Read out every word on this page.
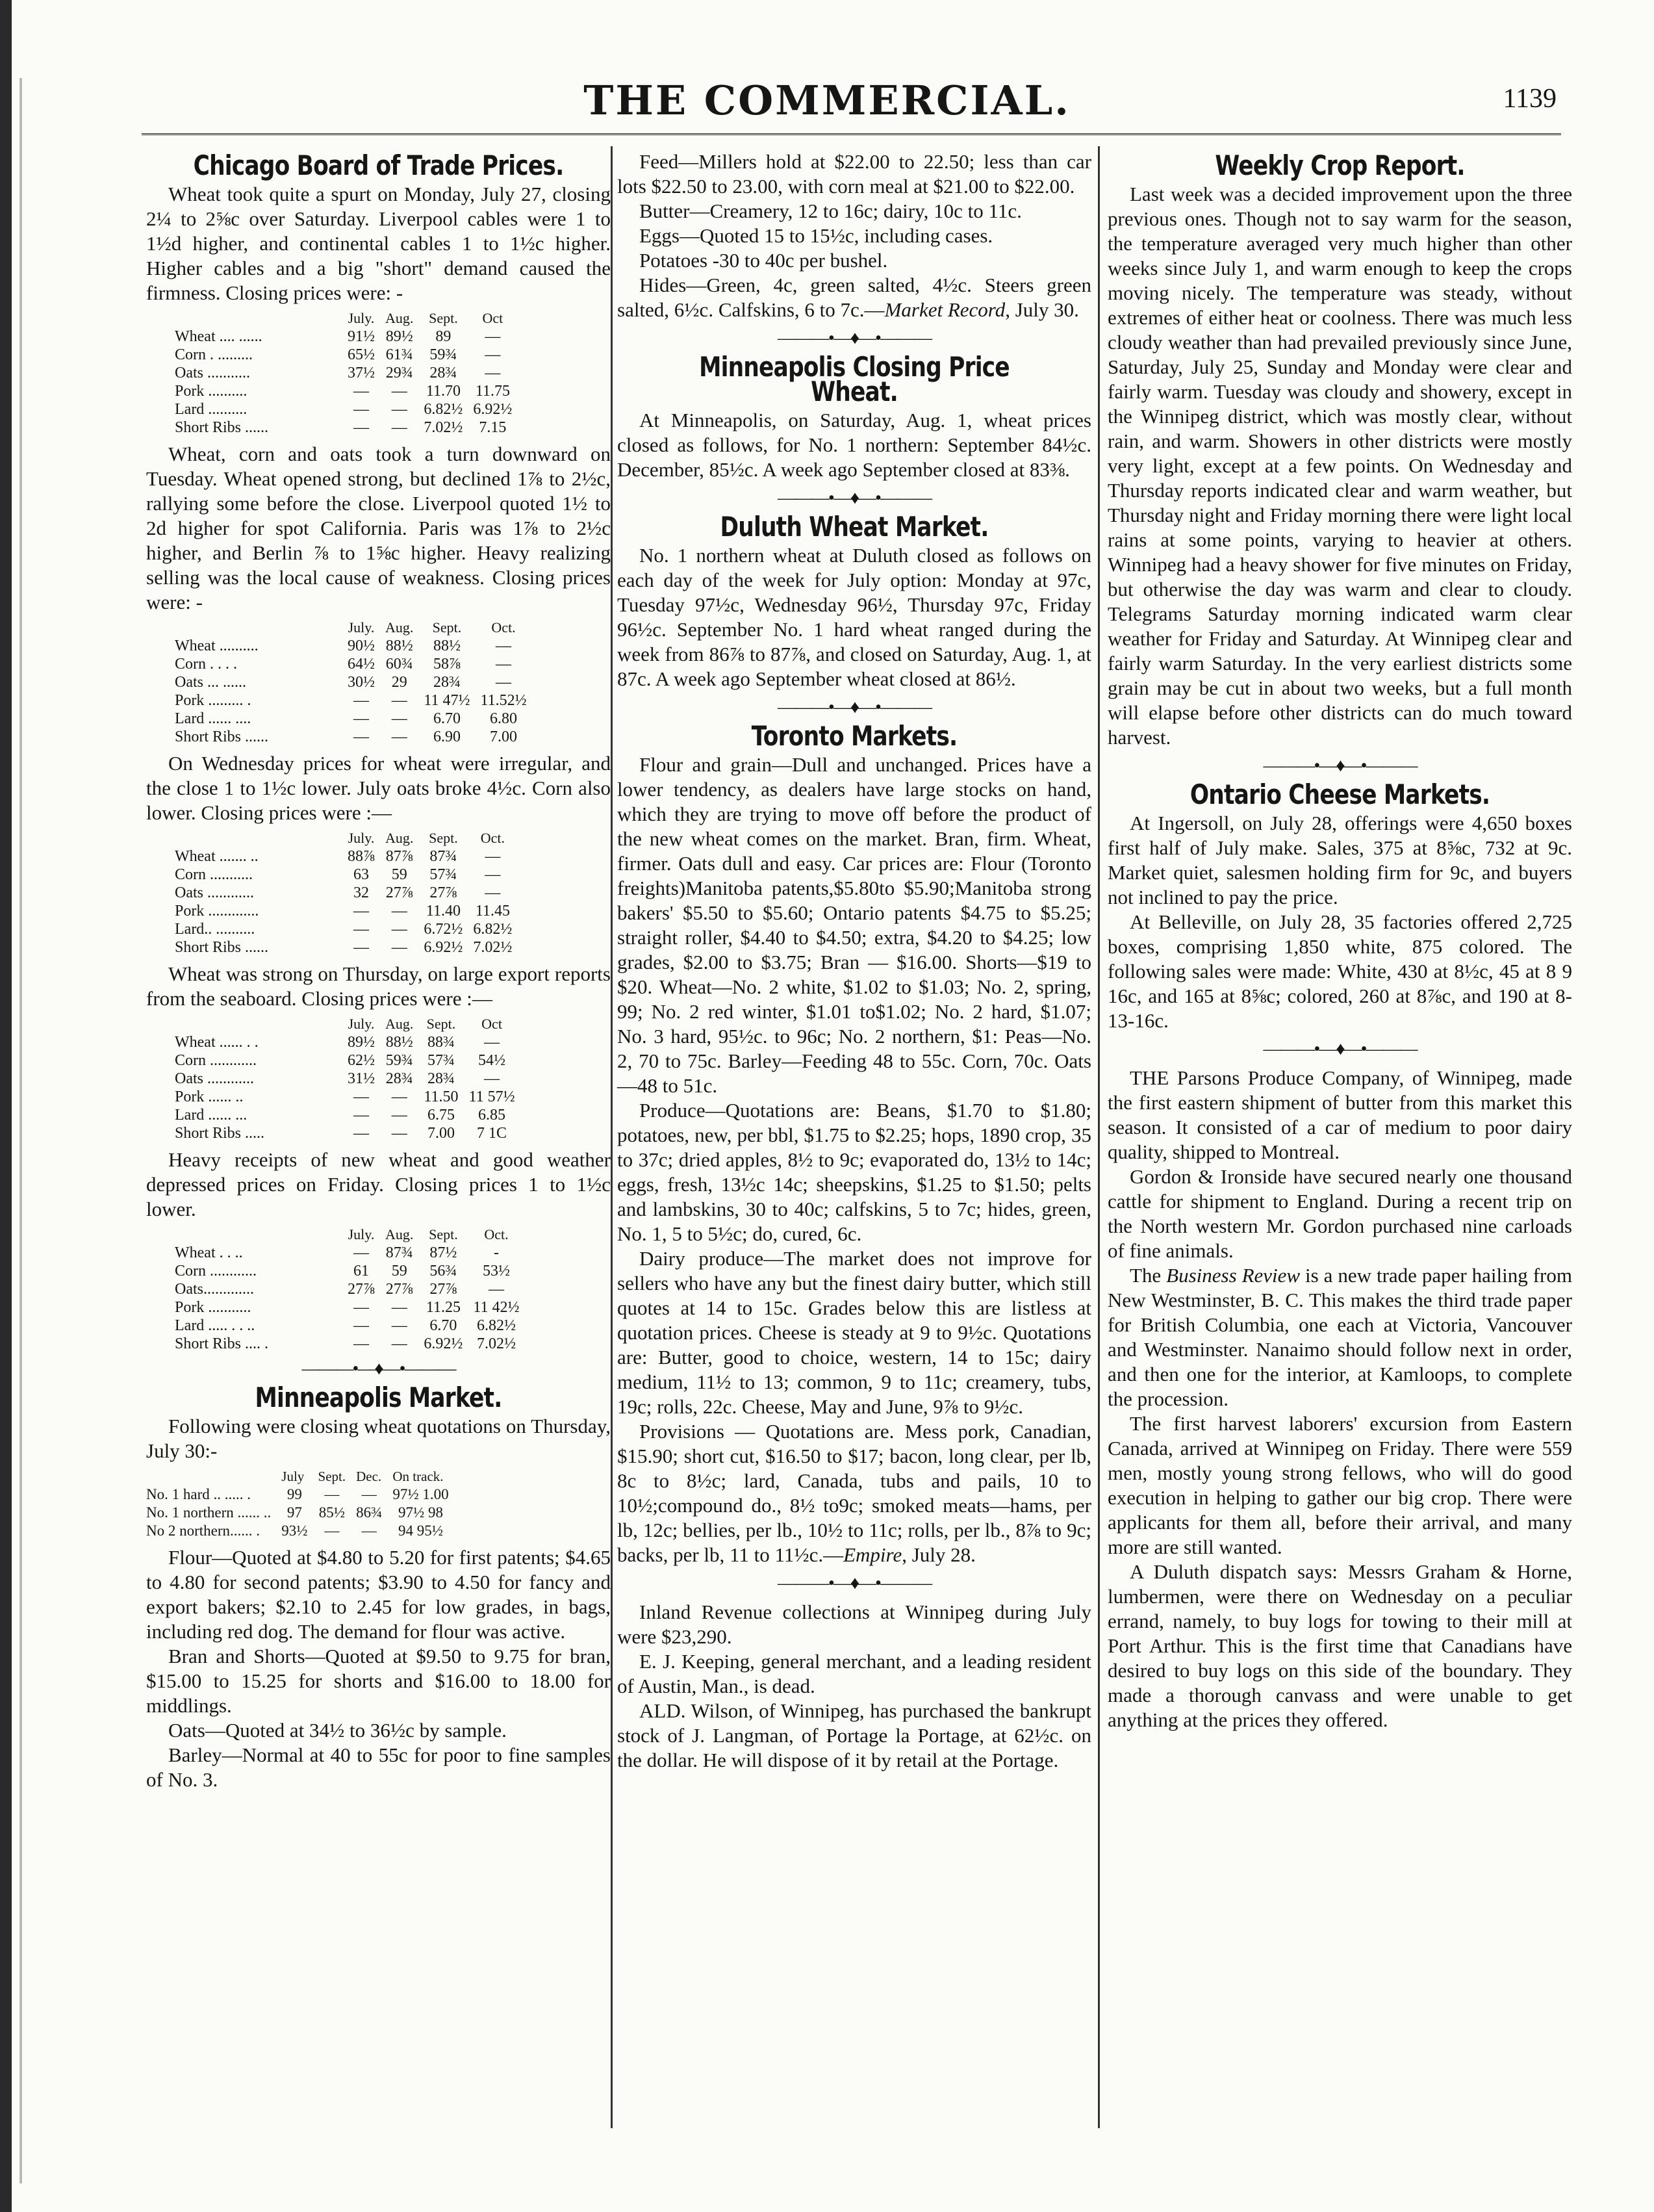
THE COMMERCIAL.	1139
Chicago Board of Trade Prices.

Wheat took quite a spurt on Monday, July 27, closing 2¼ to 2⅝c over Saturday. Liverpool cables were 1 to 1½d higher, and continental cables 1 to 1½c higher. Higher cables and a big "short" demand caused the firmness. Closing prices were: -

	July.	Aug.	Sept.	Oct
Wheat .... ......	91½	89½	89	—
Corn . .........	65½	61¾	59¾	—
Oats ...........	37½	29¾	28¾	—
Pork ..........	—	—	11.70	11.75
Lard ..........	—	—	6.82½	6.92½
Short Ribs ......	—	—	7.02½	7.15

Wheat, corn and oats took a turn downward on Tuesday. Wheat opened strong, but declined 1⅞ to 2½c, rallying some before the close. Liverpool quoted 1½ to 2d higher for spot California. Paris was 1⅞ to 2½c higher, and Berlin ⅞ to 1⅝c higher. Heavy realizing selling was the local cause of weakness. Closing prices were: -

	July.	Aug.	Sept.	Oct.
Wheat ..........	90½	88½	88½	—
Corn . . . .	64½	60¾	58⅞	—
Oats ... ......	30½	29	28¾	—
Pork ......... .	—	—	11 47½	11.52½
Lard ...... ....	—	—	6.70	6.80
Short Ribs ......	—	—	6.90	7.00

On Wednesday prices for wheat were irregular, and the close 1 to 1½c lower. July oats broke 4½c. Corn also lower. Closing prices were :—

	July.	Aug.	Sept.	Oct.
Wheat ....... ..	88⅞	87⅞	87¾	—
Corn ...........	63	59	57¾	—
Oats ............	32	27⅞	27⅞	—
Pork .............	—	—	11.40	11.45
Lard.. ..........	—	—	6.72½	6.82½
Short Ribs ......	—	—	6.92½	7.02½

Wheat was strong on Thursday, on large export reports from the seaboard. Closing prices were :—

	July.	Aug.	Sept.	Oct
Wheat ...... . .	89½	88½	88¾	—
Corn ............	62½	59¾	57¾	54½
Oats ............	31½	28¾	28¾	—
Pork ...... ..	—	—	11.50	11 57½
Lard ...... ...	—	—	6.75	6.85
Short Ribs .....	—	—	7.00	7 1C

Heavy receipts of new wheat and good weather depressed prices on Friday. Closing prices 1 to 1½c lower.

	July.	Aug.	Sept.	Oct.
Wheat . . ..	—	87¾	87½	-
Corn ............	61	59	56¾	53½
Oats.............	27⅞	27⅞	27⅞	—
Pork ...........	—	—	11.25	11 42½
Lard ..... . . ..	—	—	6.70	6.82½
Short Ribs .... .	—	—	6.92½	7.02½
———•—♦—•———
Minneapolis Market.

Following were closing wheat quotations on Thursday, July 30:-

	July	Sept.	Dec.	On track.
No. 1 hard .. ..... .	99	—	—	97½ 1.00
No. 1 northern ...... ..	97	85½	86¾	97½ 98
No 2 northern...... .	93½	—	—	94 95½

Flour—Quoted at $4.80 to 5.20 for first patents; $4.65 to 4.80 for second patents; $3.90 to 4.50 for fancy and export bakers; $2.10 to 2.45 for low grades, in bags, including red dog. The demand for flour was active.

Bran and Shorts—Quoted at $9.50 to 9.75 for bran, $15.00 to 15.25 for shorts and $16.00 to 18.00 for middlings.

Oats—Quoted at 34½ to 36½c by sample.

Barley—Normal at 40 to 55c for poor to fine samples of No. 3.

Feed—Millers hold at $22.00 to 22.50; less than car lots $22.50 to 23.00, with corn meal at $21.00 to $22.00.

Butter—Creamery, 12 to 16c; dairy, 10c to 11c.

Eggs—Quoted 15 to 15½c, including cases.

Potatoes -30 to 40c per bushel.

Hides—Green, 4c, green salted, 4½c. Steers green salted, 6½c. Calfskins, 6 to 7c.—Market Record, July 30.

———•—♦—•———
Minneapolis Closing Price Wheat.

At Minneapolis, on Saturday, Aug. 1, wheat prices closed as follows, for No. 1 northern: September 84½c. December, 85½c. A week ago September closed at 83⅜.

———•—♦—•———
Duluth Wheat Market.

No. 1 northern wheat at Duluth closed as follows on each day of the week for July option: Monday at 97c, Tuesday 97½c, Wednesday 96½, Thursday 97c, Friday 96½c. September No. 1 hard wheat ranged during the week from 86⅞ to 87⅞, and closed on Saturday, Aug. 1, at 87c. A week ago September wheat closed at 86½.

———•—♦—•———
Toronto Markets.

Flour and grain—Dull and unchanged. Prices have a lower tendency, as dealers have large stocks on hand, which they are trying to move off before the product of the new wheat comes on the market. Bran, firm. Wheat, firmer. Oats dull and easy. Car prices are: Flour (Toronto freights)Manitoba patents,$5.80to $5.90;Manitoba strong bakers' $5.50 to $5.60; Ontario patents $4.75 to $5.25; straight roller, $4.40 to $4.50; extra, $4.20 to $4.25; low grades, $2.00 to $3.75; Bran — $16.00. Shorts—$19 to $20. Wheat—No. 2 white, $1.02 to $1.03; No. 2, spring, 99; No. 2 red winter, $1.01 to$1.02; No. 2 hard, $1.07; No. 3 hard, 95½c. to 96c; No. 2 northern, $1: Peas—No. 2, 70 to 75c. Barley—Feeding 48 to 55c. Corn, 70c. Oats—48 to 51c.

Produce—Quotations are: Beans, $1.70 to $1.80; potatoes, new, per bbl, $1.75 to $2.25; hops, 1890 crop, 35 to 37c; dried apples, 8½ to 9c; evaporated do, 13½ to 14c; eggs, fresh, 13½c 14c; sheepskins, $1.25 to $1.50; pelts and lambskins, 30 to 40c; calfskins, 5 to 7c; hides, green, No. 1, 5 to 5½c; do, cured, 6c.

Dairy produce—The market does not improve for sellers who have any but the finest dairy butter, which still quotes at 14 to 15c. Grades below this are listless at quotation prices. Cheese is steady at 9 to 9½c. Quotations are: Butter, good to choice, western, 14 to 15c; dairy medium, 11½ to 13; common, 9 to 11c; creamery, tubs, 19c; rolls, 22c. Cheese, May and June, 9⅞ to 9½c.

Provisions — Quotations are. Mess pork, Canadian, $15.90; short cut, $16.50 to $17; bacon, long clear, per lb, 8c to 8½c; lard, Canada, tubs and pails, 10 to 10½;compound do., 8½ to9c; smoked meats—hams, per lb, 12c; bellies, per lb., 10½ to 11c; rolls, per lb., 8⅞ to 9c; backs, per lb, 11 to 11½c.—Empire, July 28.

———•—♦—•———

Inland Revenue collections at Winnipeg during July were $23,290.

E. J. Keeping, general merchant, and a leading resident of Austin, Man., is dead.

ALD. Wilson, of Winnipeg, has purchased the bankrupt stock of J. Langman, of Portage la Portage, at 62½c. on the dollar. He will dispose of it by retail at the Portage.

Weekly Crop Report.

Last week was a decided improvement upon the three previous ones. Though not to say warm for the season, the temperature averaged very much higher than other weeks since July 1, and warm enough to keep the crops moving nicely. The temperature was steady, without extremes of either heat or coolness. There was much less cloudy weather than had prevailed previously since June, Saturday, July 25, Sunday and Monday were clear and fairly warm. Tuesday was cloudy and showery, except in the Winnipeg district, which was mostly clear, without rain, and warm. Showers in other districts were mostly very light, except at a few points. On Wednesday and Thursday reports indicated clear and warm weather, but Thursday night and Friday morning there were light local rains at some points, varying to heavier at others. Winnipeg had a heavy shower for five minutes on Friday, but otherwise the day was warm and clear to cloudy. Telegrams Saturday morning indicated warm clear weather for Friday and Saturday. At Winnipeg clear and fairly warm Saturday. In the very earliest districts some grain may be cut in about two weeks, but a full month will elapse before other districts can do much toward harvest.

———•—♦—•———
Ontario Cheese Markets.

At Ingersoll, on July 28, offerings were 4,650 boxes first half of July make. Sales, 375 at 8⅝c, 732 at 9c. Market quiet, salesmen holding firm for 9c, and buyers not inclined to pay the price.

At Belleville, on July 28, 35 factories offered 2,725 boxes, comprising 1,850 white, 875 colored. The following sales were made: White, 430 at 8½c, 45 at 8 9 16c, and 165 at 8⅝c; colored, 260 at 8⅞c, and 190 at 8-13-16c.

———•—♦—•———

THE Parsons Produce Company, of Winnipeg, made the first eastern shipment of butter from this market this season. It consisted of a car of medium to poor dairy quality, shipped to Montreal.

Gordon & Ironside have secured nearly one thousand cattle for shipment to England. During a recent trip on the North western Mr. Gordon purchased nine carloads of fine animals.

The Business Review is a new trade paper hailing from New Westminster, B. C. This makes the third trade paper for British Columbia, one each at Victoria, Vancouver and Westminster. Nanaimo should follow next in order, and then one for the interior, at Kamloops, to complete the procession.

The first harvest laborers' excursion from Eastern Canada, arrived at Winnipeg on Friday. There were 559 men, mostly young strong fellows, who will do good execution in helping to gather our big crop. There were applicants for them all, before their arrival, and many more are still wanted.

A Duluth dispatch says: Messrs Graham & Horne, lumbermen, were there on Wednesday on a peculiar errand, namely, to buy logs for towing to their mill at Port Arthur. This is the first time that Canadians have desired to buy logs on this side of the boundary. They made a thorough canvass and were unable to get anything at the prices they offered.
